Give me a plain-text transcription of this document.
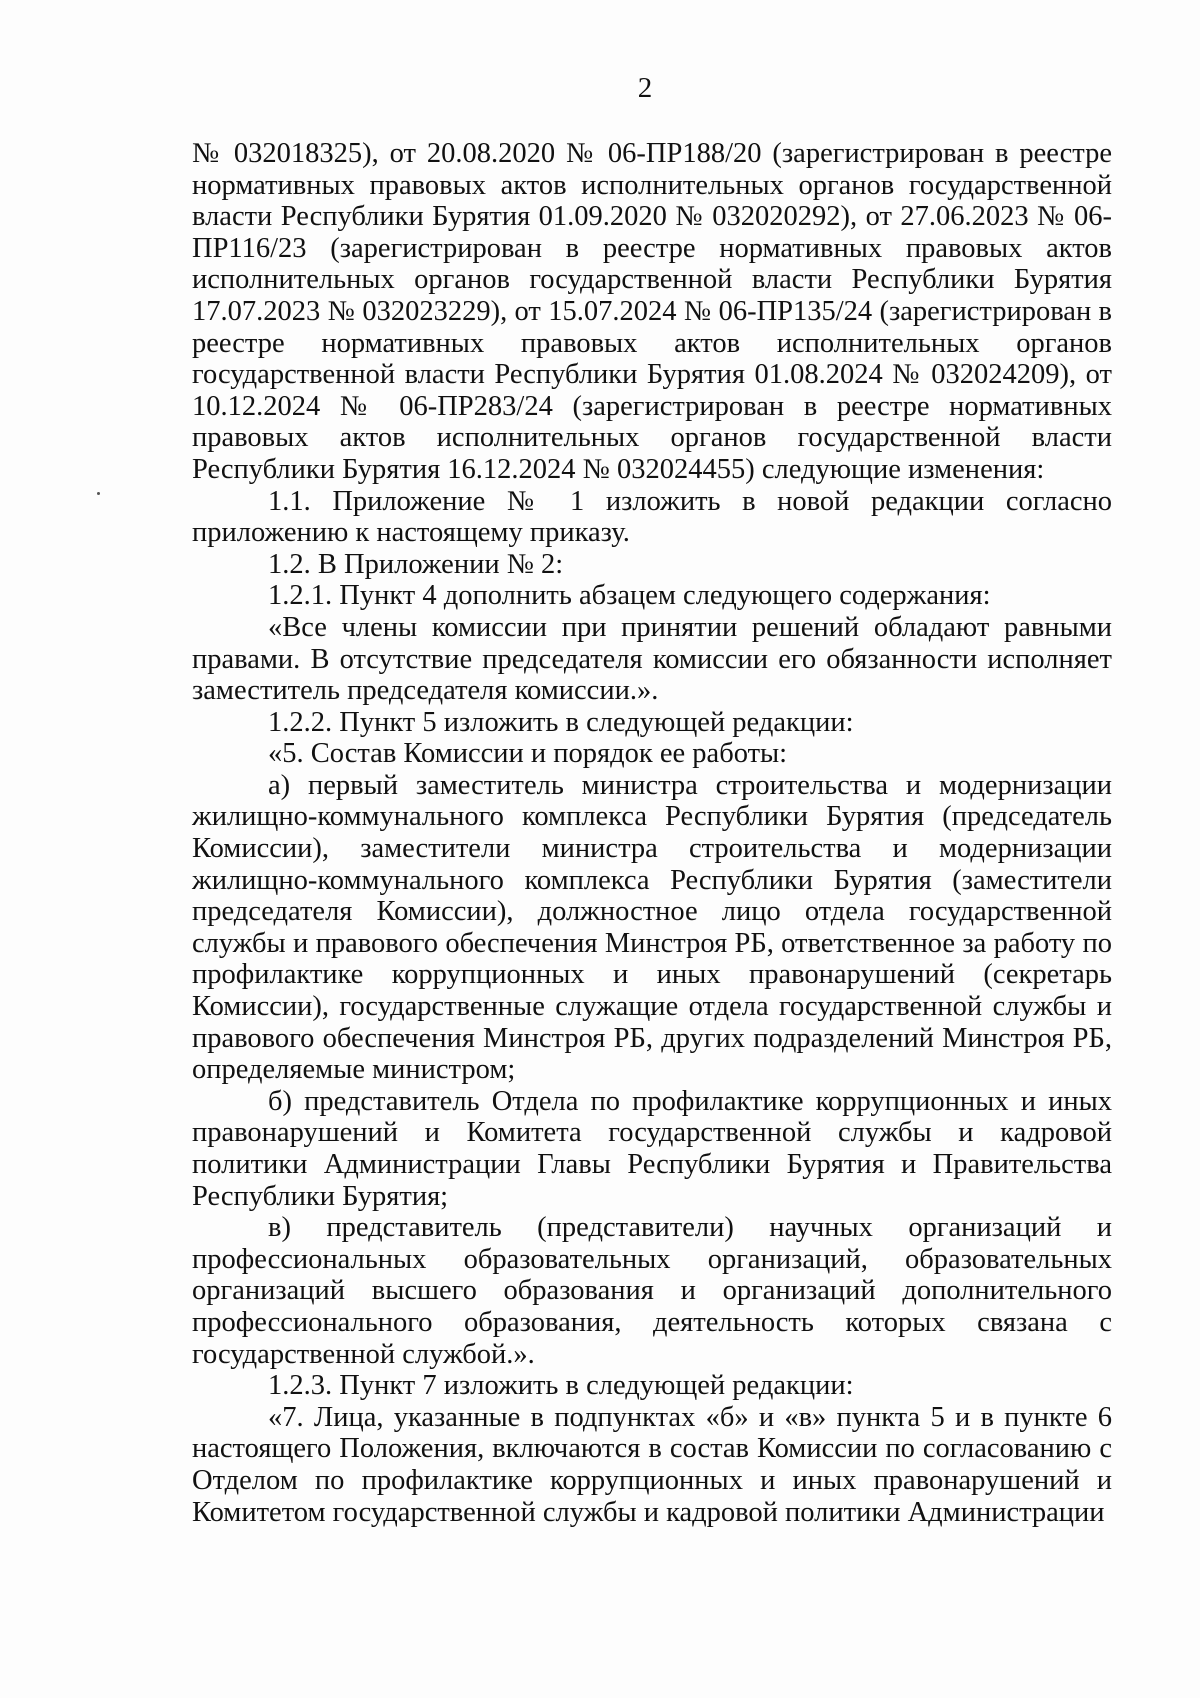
2

№ 032018325), от 20.08.2020 № 06-ПР188/20 (зарегистрирован в реестре нормативных правовых актов исполнительных органов государственной власти Республики Бурятия 01.09.2020 № 032020292), от 27.06.2023 № 06-ПР116/23 (зарегистрирован в реестре нормативных правовых актов исполнительных органов государственной власти Республики Бурятия 17.07.2023 № 032023229), от 15.07.2024 № 06-ПР135/24 (зарегистрирован в реестре нормативных правовых актов исполнительных органов государственной власти Республики Бурятия 01.08.2024 № 032024209), от 10.12.2024 № 06-ПР283/24 (зарегистрирован в реестре нормативных правовых актов исполнительных органов государственной власти Республики Бурятия 16.12.2024 № 032024455) следующие изменения:

1.1. Приложение № 1 изложить в новой редакции согласно приложению к настоящему приказу.

1.2. В Приложении № 2:

1.2.1. Пункт 4 дополнить абзацем следующего содержания:

«Все члены комиссии при принятии решений обладают равными правами. В отсутствие председателя комиссии его обязанности исполняет заместитель председателя комиссии.».

1.2.2. Пункт 5 изложить в следующей редакции:

«5. Состав Комиссии и порядок ее работы:

а) первый заместитель министра строительства и модернизации жилищно-коммунального комплекса Республики Бурятия (председатель Комиссии), заместители министра строительства и модернизации жилищно-коммунального комплекса Республики Бурятия (заместители председателя Комиссии), должностное лицо отдела государственной службы и правового обеспечения Минстроя РБ, ответственное за работу по профилактике коррупционных и иных правонарушений (секретарь Комиссии), государственные служащие отдела государственной службы и правового обеспечения Минстроя РБ, других подразделений Минстроя РБ, определяемые министром;

б) представитель Отдела по профилактике коррупционных и иных правонарушений и Комитета государственной службы и кадровой политики Администрации Главы Республики Бурятия и Правительства Республики Бурятия;

в) представитель (представители) научных организаций и профессиональных образовательных организаций, образовательных организаций высшего образования и организаций дополнительного профессионального образования, деятельность которых связана с государственной службой.».

1.2.3. Пункт 7 изложить в следующей редакции:

«7. Лица, указанные в подпунктах «б» и «в» пункта 5 и в пункте 6 настоящего Положения, включаются в состав Комиссии по согласованию с Отделом по профилактике коррупционных и иных правонарушений и Комитетом государственной службы и кадровой политики Администрации
